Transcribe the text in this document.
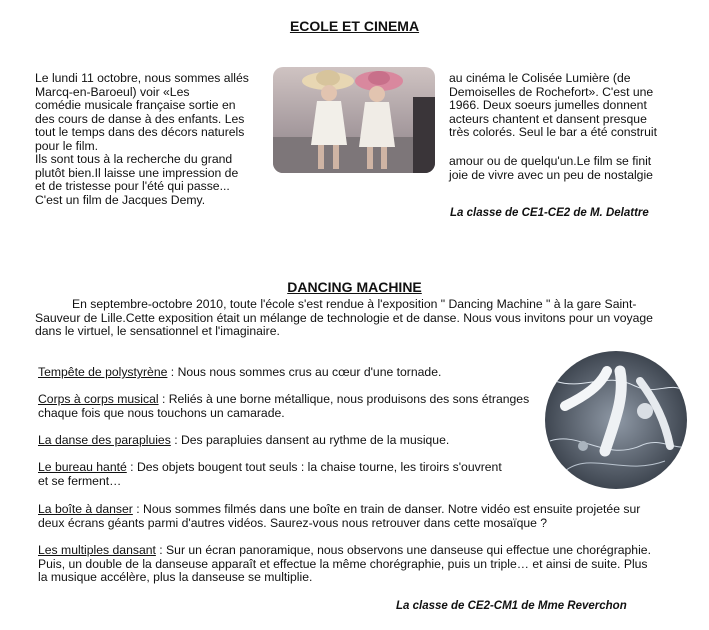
ECOLE ET CINEMA
Le lundi 11 octobre, nous sommes allés
Marcq-en-Baroeul) voir «Les
comédie musicale française sortie en
des cours de danse à des enfants. Les
tout le temps dans des décors naturels
pour le film.
Ils sont tous à la recherche du grand
plutôt bien.Il laisse une impression de
et de tristesse pour l'été qui passe...
C'est un film de Jacques Demy.
au cinéma le Colisée Lumière (de
Demoiselles de Rochefort». C'est une
1966. Deux soeurs jumelles donnent
acteurs chantent et dansent presque
très colorés. Seul le bar a été construit
amour ou de quelqu'un.Le film se finit
joie de vivre avec un peu de nostalgie
La classe de CE1-CE2 de M. Delattre
DANCING MACHINE
En septembre-octobre 2010, toute l'école s'est rendue à l'exposition " Dancing Machine " à la gare Saint-
Sauveur de Lille.Cette exposition était un mélange de technologie et de danse. Nous vous invitons pour un voyage
dans le virtuel, le sensationnel et l'imaginaire.
Tempête de polystyrène : Nous nous sommes crus au cœur d'une tornade.
Corps à corps musical : Reliés à une borne métallique, nous produisons des sons étranges
chaque fois que nous touchons un camarade.
La danse des parapluies : Des parapluies dansent au rythme de la musique.
Le bureau hanté : Des objets bougent tout seuls : la chaise tourne, les tiroirs s'ouvrent
et se ferment…
La boîte à danser : Nous sommes filmés dans une boîte en train de danser. Notre vidéo est ensuite projetée sur
deux écrans géants parmi d'autres vidéos. Saurez-vous nous retrouver dans cette mosaïque ?
Les multiples dansant : Sur un écran panoramique, nous observons une danseuse qui effectue une chorégraphie.
Puis, un double de la danseuse apparaît et effectue la même chorégraphie, puis un triple… et ainsi de suite. Plus
la musique accélère, plus la danseuse se multiplie.
La classe de CE2-CM1 de Mme Reverchon
